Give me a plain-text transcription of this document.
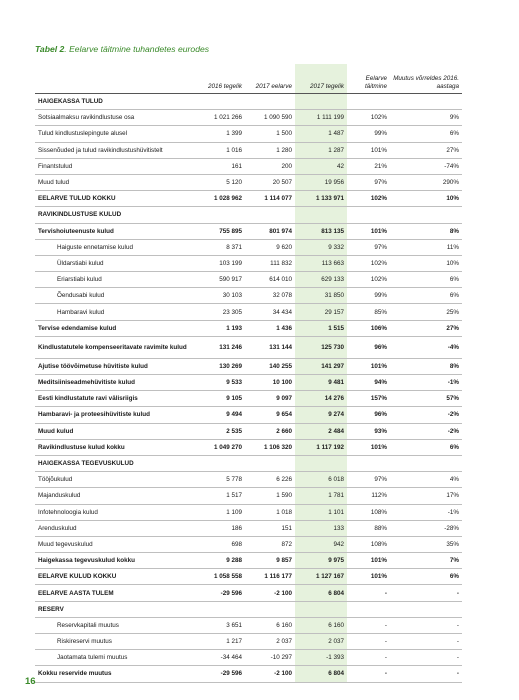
Tabel 2. Eelarve täitmine tuhandetes eurodes
	2016 tegelik	2017 eelarve	2017 tegelik	Eelarve täitmine	Muutus võrreldes 2016. aastaga
HAIGEKASSA TULUD					
Sotsiaalmaksu ravikindlustuse osa	1 021 266	1 090 590	1 111 199	102%	9%
Tulud kindlustuslepingute alusel	1 399	1 500	1 487	99%	6%
Sissenõuded ja tulud ravikindlustushüvitistelt	1 016	1 280	1 287	101%	27%
Finantstulud	161	200	42	21%	-74%
Muud tulud	5 120	20 507	19 956	97%	290%
EELARVE TULUD KOKKU	1 028 962	1 114 077	1 133 971	102%	10%
RAVIKINDLUSTUSE KULUD					
Tervishoiuteenuste kulud	755 895	801 974	813 135	101%	8%
Haiguste ennetamise kulud	8 371	9 620	9 332	97%	11%
Üldarstiabi kulud	103 199	111 832	113 663	102%	10%
Eriarstiabi kulud	590 917	614 010	629 133	102%	6%
Õendusabi kulud	30 103	32 078	31 850	99%	6%
Hambaravi kulud	23 305	34 434	29 157	85%	25%
Tervise edendamise kulud	1 193	1 436	1 515	106%	27%
Kindlustatutele kompenseeritavate ravimite kulud	131 246	131 144	125 730	96%	-4%
Ajutise töövõimetuse hüvitiste kulud	130 269	140 255	141 297	101%	8%
Meditsiiniseadmehüvitiste kulud	9 533	10 100	9 481	94%	-1%
Eesti kindlustatute ravi välisriigis	9 105	9 097	14 276	157%	57%
Hambaravi- ja proteesihüvitiste kulud	9 494	9 654	9 274	96%	-2%
Muud kulud	2 535	2 660	2 484	93%	-2%
Ravikindlustuse kulud kokku	1 049 270	1 106 320	1 117 192	101%	6%
HAIGEKASSA TEGEVUSKULUD					
Tööjõukulud	5 778	6 226	6 018	97%	4%
Majanduskulud	1 517	1 590	1 781	112%	17%
Infotehnoloogia kulud	1 109	1 018	1 101	108%	-1%
Arenduskulud	186	151	133	88%	-28%
Muud tegevuskulud	698	872	942	108%	35%
Haigekassa tegevuskulud kokku	9 288	9 857	9 975	101%	7%
EELARVE KULUD KOKKU	1 058 558	1 116 177	1 127 167	101%	6%
EELARVE AASTA TULEM	-29 596	-2 100	6 804	-	-
RESERV					
Reservkapitali muutus	3 651	6 160	6 160	-	-
Riskireservi muutus	1 217	2 037	2 037	-	-
Jaotamata tulemi muutus	-34 464	-10 297	-1 393	-	-
Kokku reservide muutus	-29 596	-2 100	6 804	-	-
16
